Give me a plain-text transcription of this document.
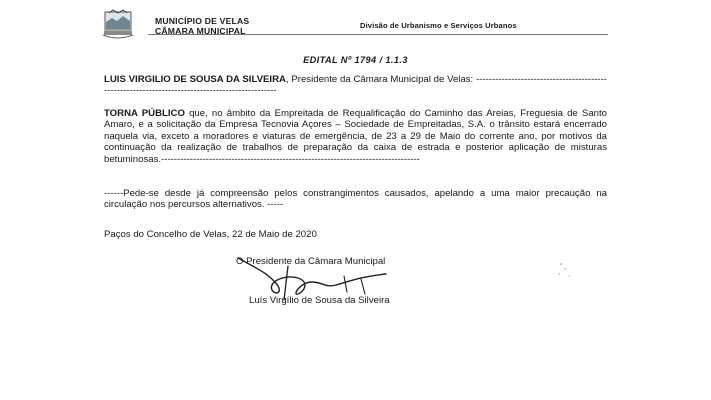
MUNICÍPIO DE VELAS
CÂMARA MUNICIPAL
Divisão de Urbanismo e Serviços Urbanos
EDITAL Nº 1794 / 1.1.3
LUIS VIRGILIO DE SOUSA DA SILVEIRA, Presidente da Câmara Municipal de Velas: -----------------------------------------------------------------------------------------------
TORNA PÚBLICO que, no âmbito da Empreitada de Requalificação do Caminho das Areias, Freguesia de Santo Amaro, e a solicitação da Empresa Tecnovia Açores – Sociedade de Empreitadas, S.A. o trânsito estará encerrado naquela via, exceto a moradores e viaturas de emergência, de 23 a 29 de Maio do corrente ano, por motivos da continuação da realização de trabalhos de preparação da caixa de estrada e posterior aplicação de misturas betuminosas.---------------------------------------------------------------------------------
------Pede-se desde já compreensão pelos constrangimentos causados, apelando a uma maior precaução na circulação nos percursos alternativos. -----
Paços do Concelho de Velas, 22 de Maio de 2020
O Presidente da Câmara Municipal
Luís Virgílio de Sousa da Silveira
